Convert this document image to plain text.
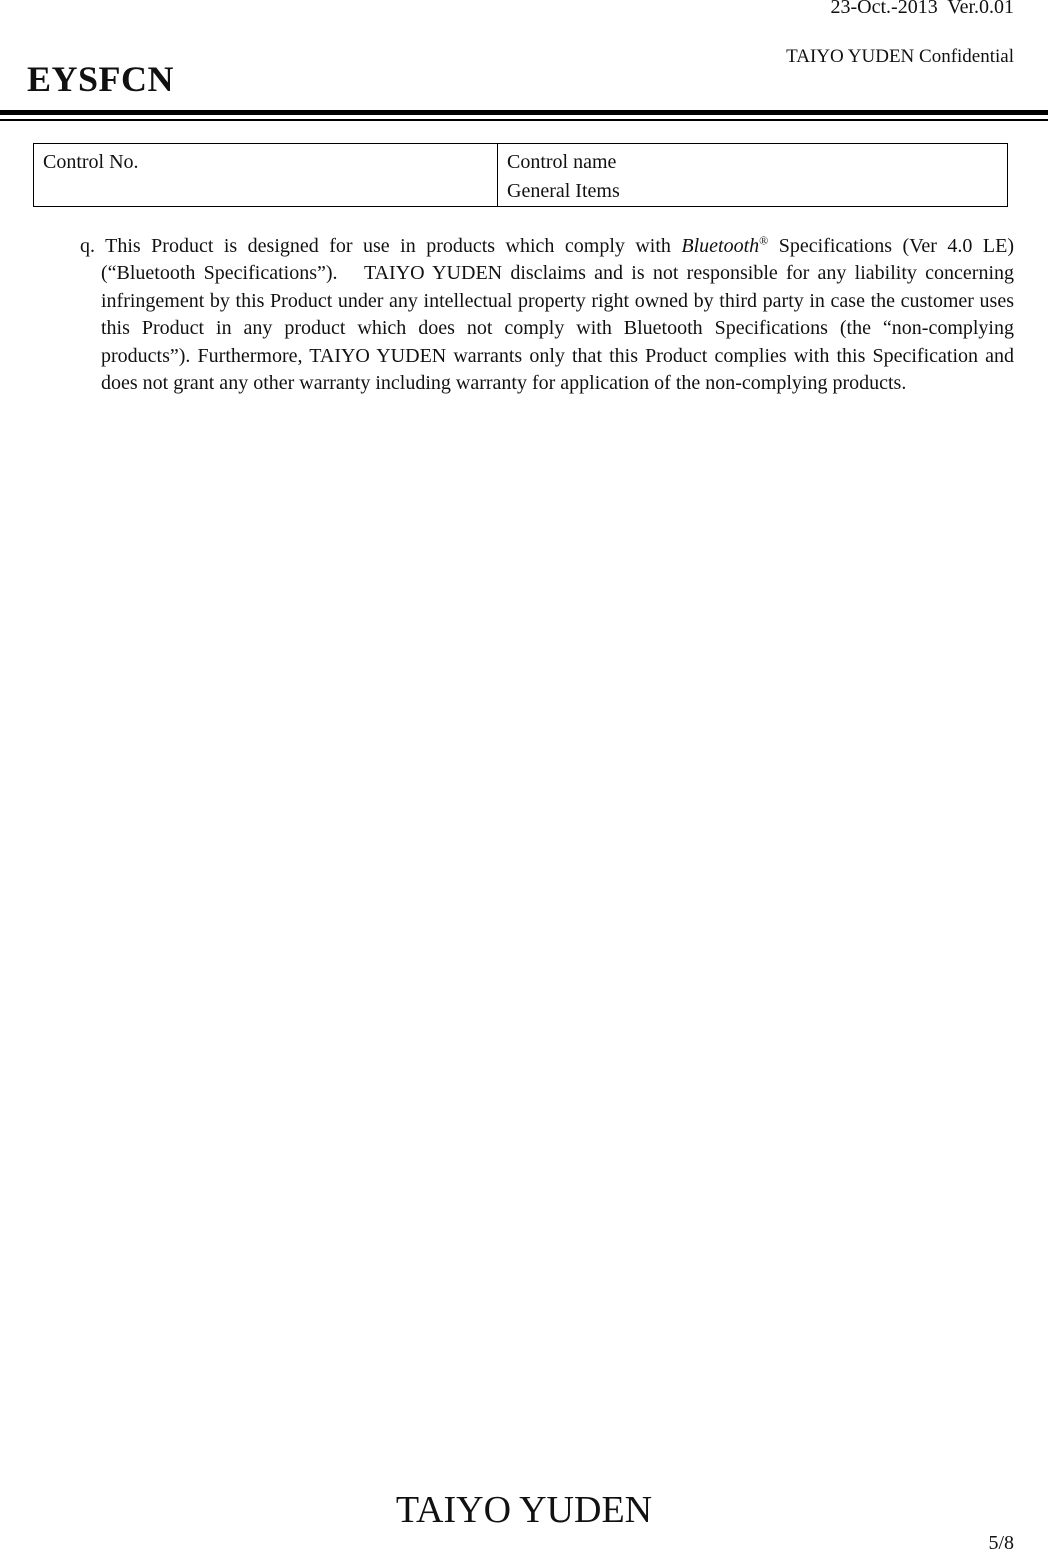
23-Oct.-2013  Ver.0.01
TAIYO YUDEN Confidential
EYSFCN
Control No.	Control name
General Items

q. This Product is designed for use in products which comply with Bluetooth® Specifications (Ver 4.0 LE)(“Bluetooth Specifications”).　TAIYO YUDEN disclaims and is not responsible for any liability concerning infringement by this Product under any intellectual property right owned by third party in case the customer uses this Product in any product which does not comply with Bluetooth Specifications (the “non-complying products”). Furthermore, TAIYO YUDEN warrants only that this Product complies with this Specification and does not grant any other warranty including warranty for application of the non-complying products.

TAIYO YUDEN
5/8
